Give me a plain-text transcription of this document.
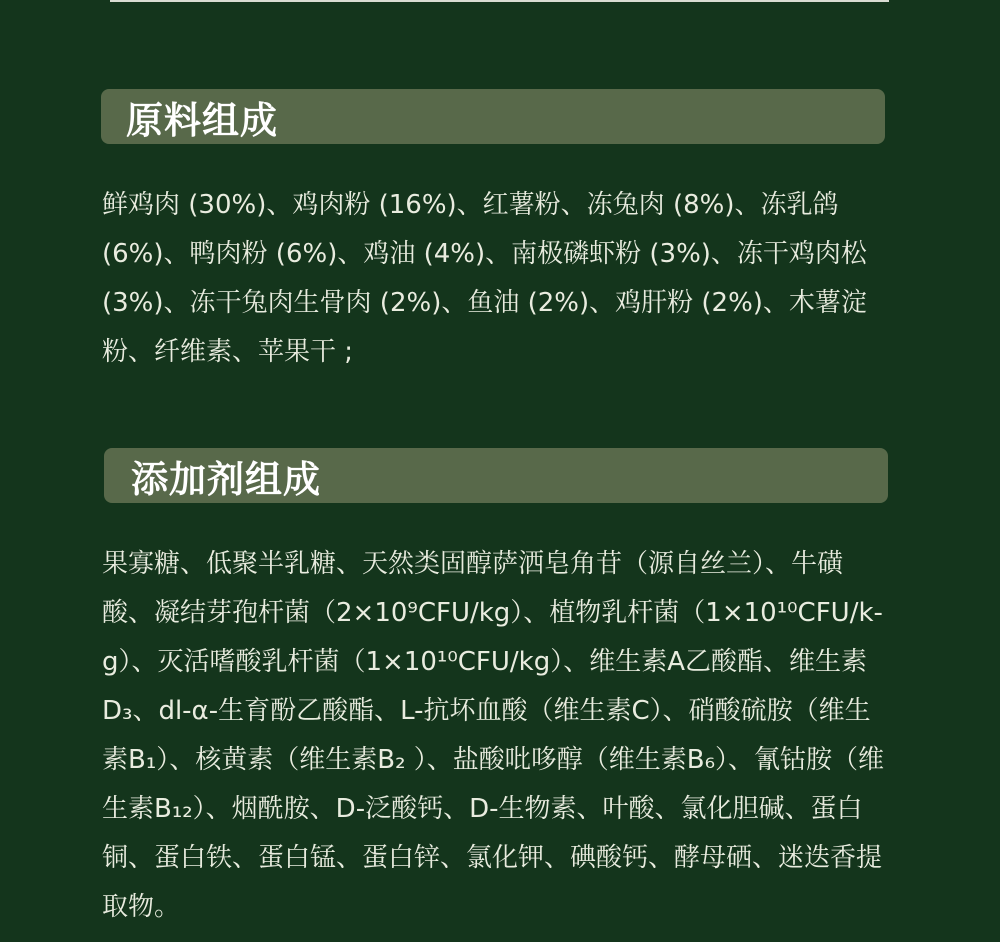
原料组成
鲜鸡肉 (30%)、鸡肉粉 (16%)、红薯粉、冻兔肉 (8%)、冻乳鸽
(6%)、鸭肉粉 (6%)、鸡油 (4%)、南极磷虾粉 (3%)、冻干鸡肉松
(3%)、冻干兔肉生骨肉 (2%)、鱼油 (2%)、鸡肝粉 (2%)、木薯淀
粉、纤维素、苹果干 ;
添加剂组成
果寡糖、低聚半乳糖、天然类固醇萨洒皂角苷（源自丝兰）、牛磺
酸、凝结芽孢杆菌（2×10⁹CFU/kg）、植物乳杆菌（1×10¹⁰CFU/k-
g）、灭活嗜酸乳杆菌（1×10¹⁰CFU/kg）、维生素A乙酸酯、维生素
D₃、dl-α-生育酚乙酸酯、L-抗坏血酸（维生素C）、硝酸硫胺（维生
素B₁）、核黄素（维生素B₂ ）、盐酸吡哆醇（维生素B₆）、氰钴胺（维
生素B₁₂）、烟酰胺、D-泛酸钙、D-生物素、叶酸、氯化胆碱、蛋白
铜、蛋白铁、蛋白锰、蛋白锌、氯化钾、碘酸钙、酵母硒、迷迭香提
取物。
